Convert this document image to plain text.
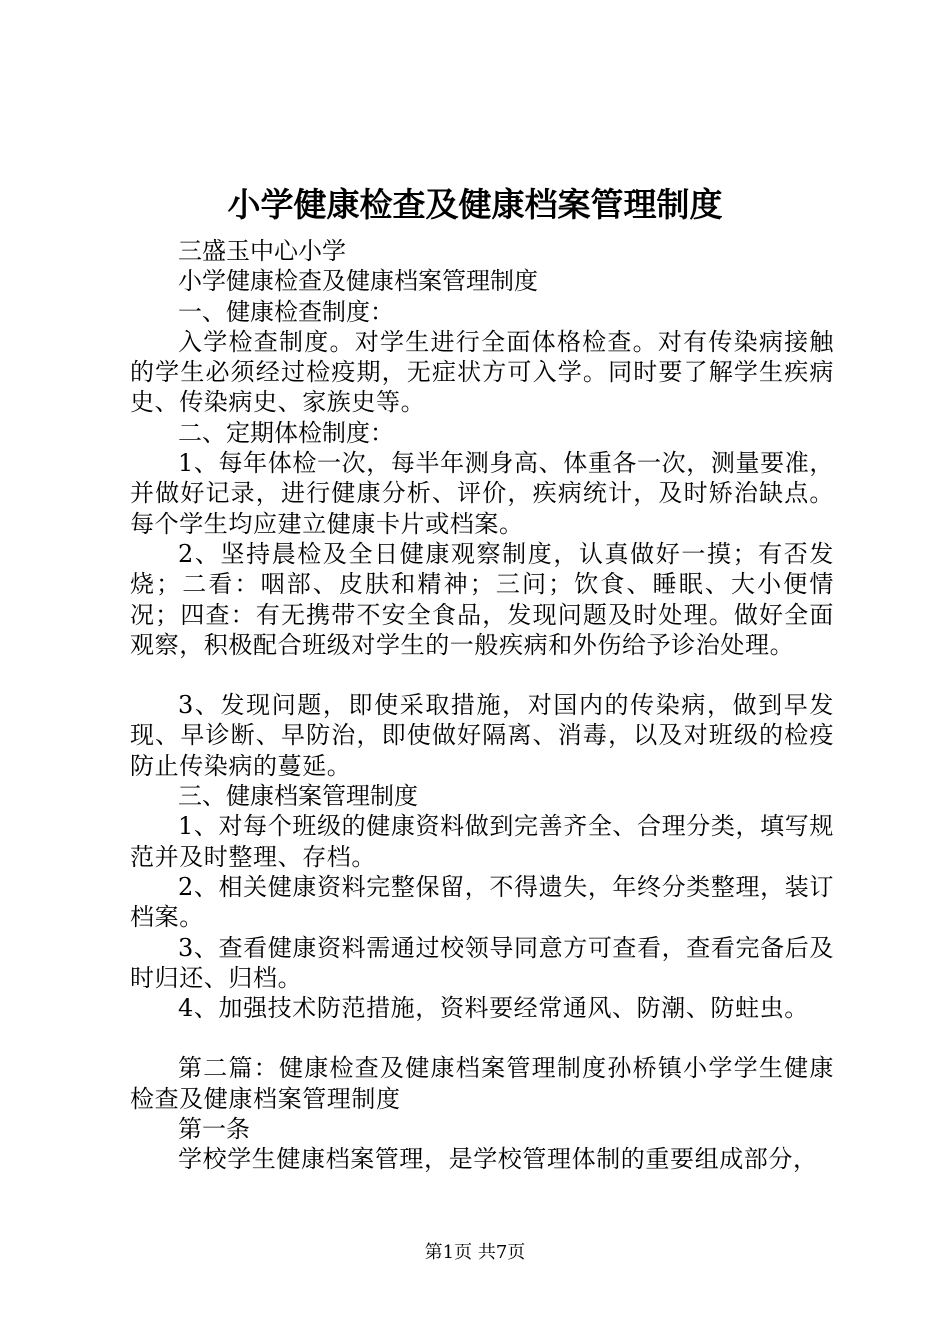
小学健康检查及健康档案管理制度

三盛玉中心小学

小学健康检查及健康档案管理制度

一、健康检查制度：

入学检查制度。对学生进行全面体格检查。对有传染病接触的学生必须经过检疫期，无症状方可入学。同时要了解学生疾病史、传染病史、家族史等。

二、定期体检制度：

1、每年体检一次，每半年测身高、体重各一次，测量要准，并做好记录，进行健康分析、评价，疾病统计，及时矫治缺点。每个学生均应建立健康卡片或档案。

2、坚持晨检及全日健康观察制度，认真做好一摸；有否发烧；二看：咽部、皮肤和精神；三问；饮食、睡眠、大小便情况；四查：有无携带不安全食品，发现问题及时处理。做好全面观察，积极配合班级对学生的一般疾病和外伤给予诊治处理。

3、发现问题，即使采取措施，对国内的传染病，做到早发现、早诊断、早防治，即使做好隔离、消毒，以及对班级的检疫防止传染病的蔓延。

三、健康档案管理制度

1、对每个班级的健康资料做到完善齐全、合理分类，填写规范并及时整理、存档。

2、相关健康资料完整保留，不得遗失，年终分类整理，装订档案。

3、查看健康资料需通过校领导同意方可查看，查看完备后及时归还、归档。

4、加强技术防范措施，资料要经常通风、防潮、防蛀虫。

第二篇：健康检查及健康档案管理制度孙桥镇小学学生健康检查及健康档案管理制度

第一条

学校学生健康档案管理，是学校管理体制的重要组成部分，

第1页 共7页
